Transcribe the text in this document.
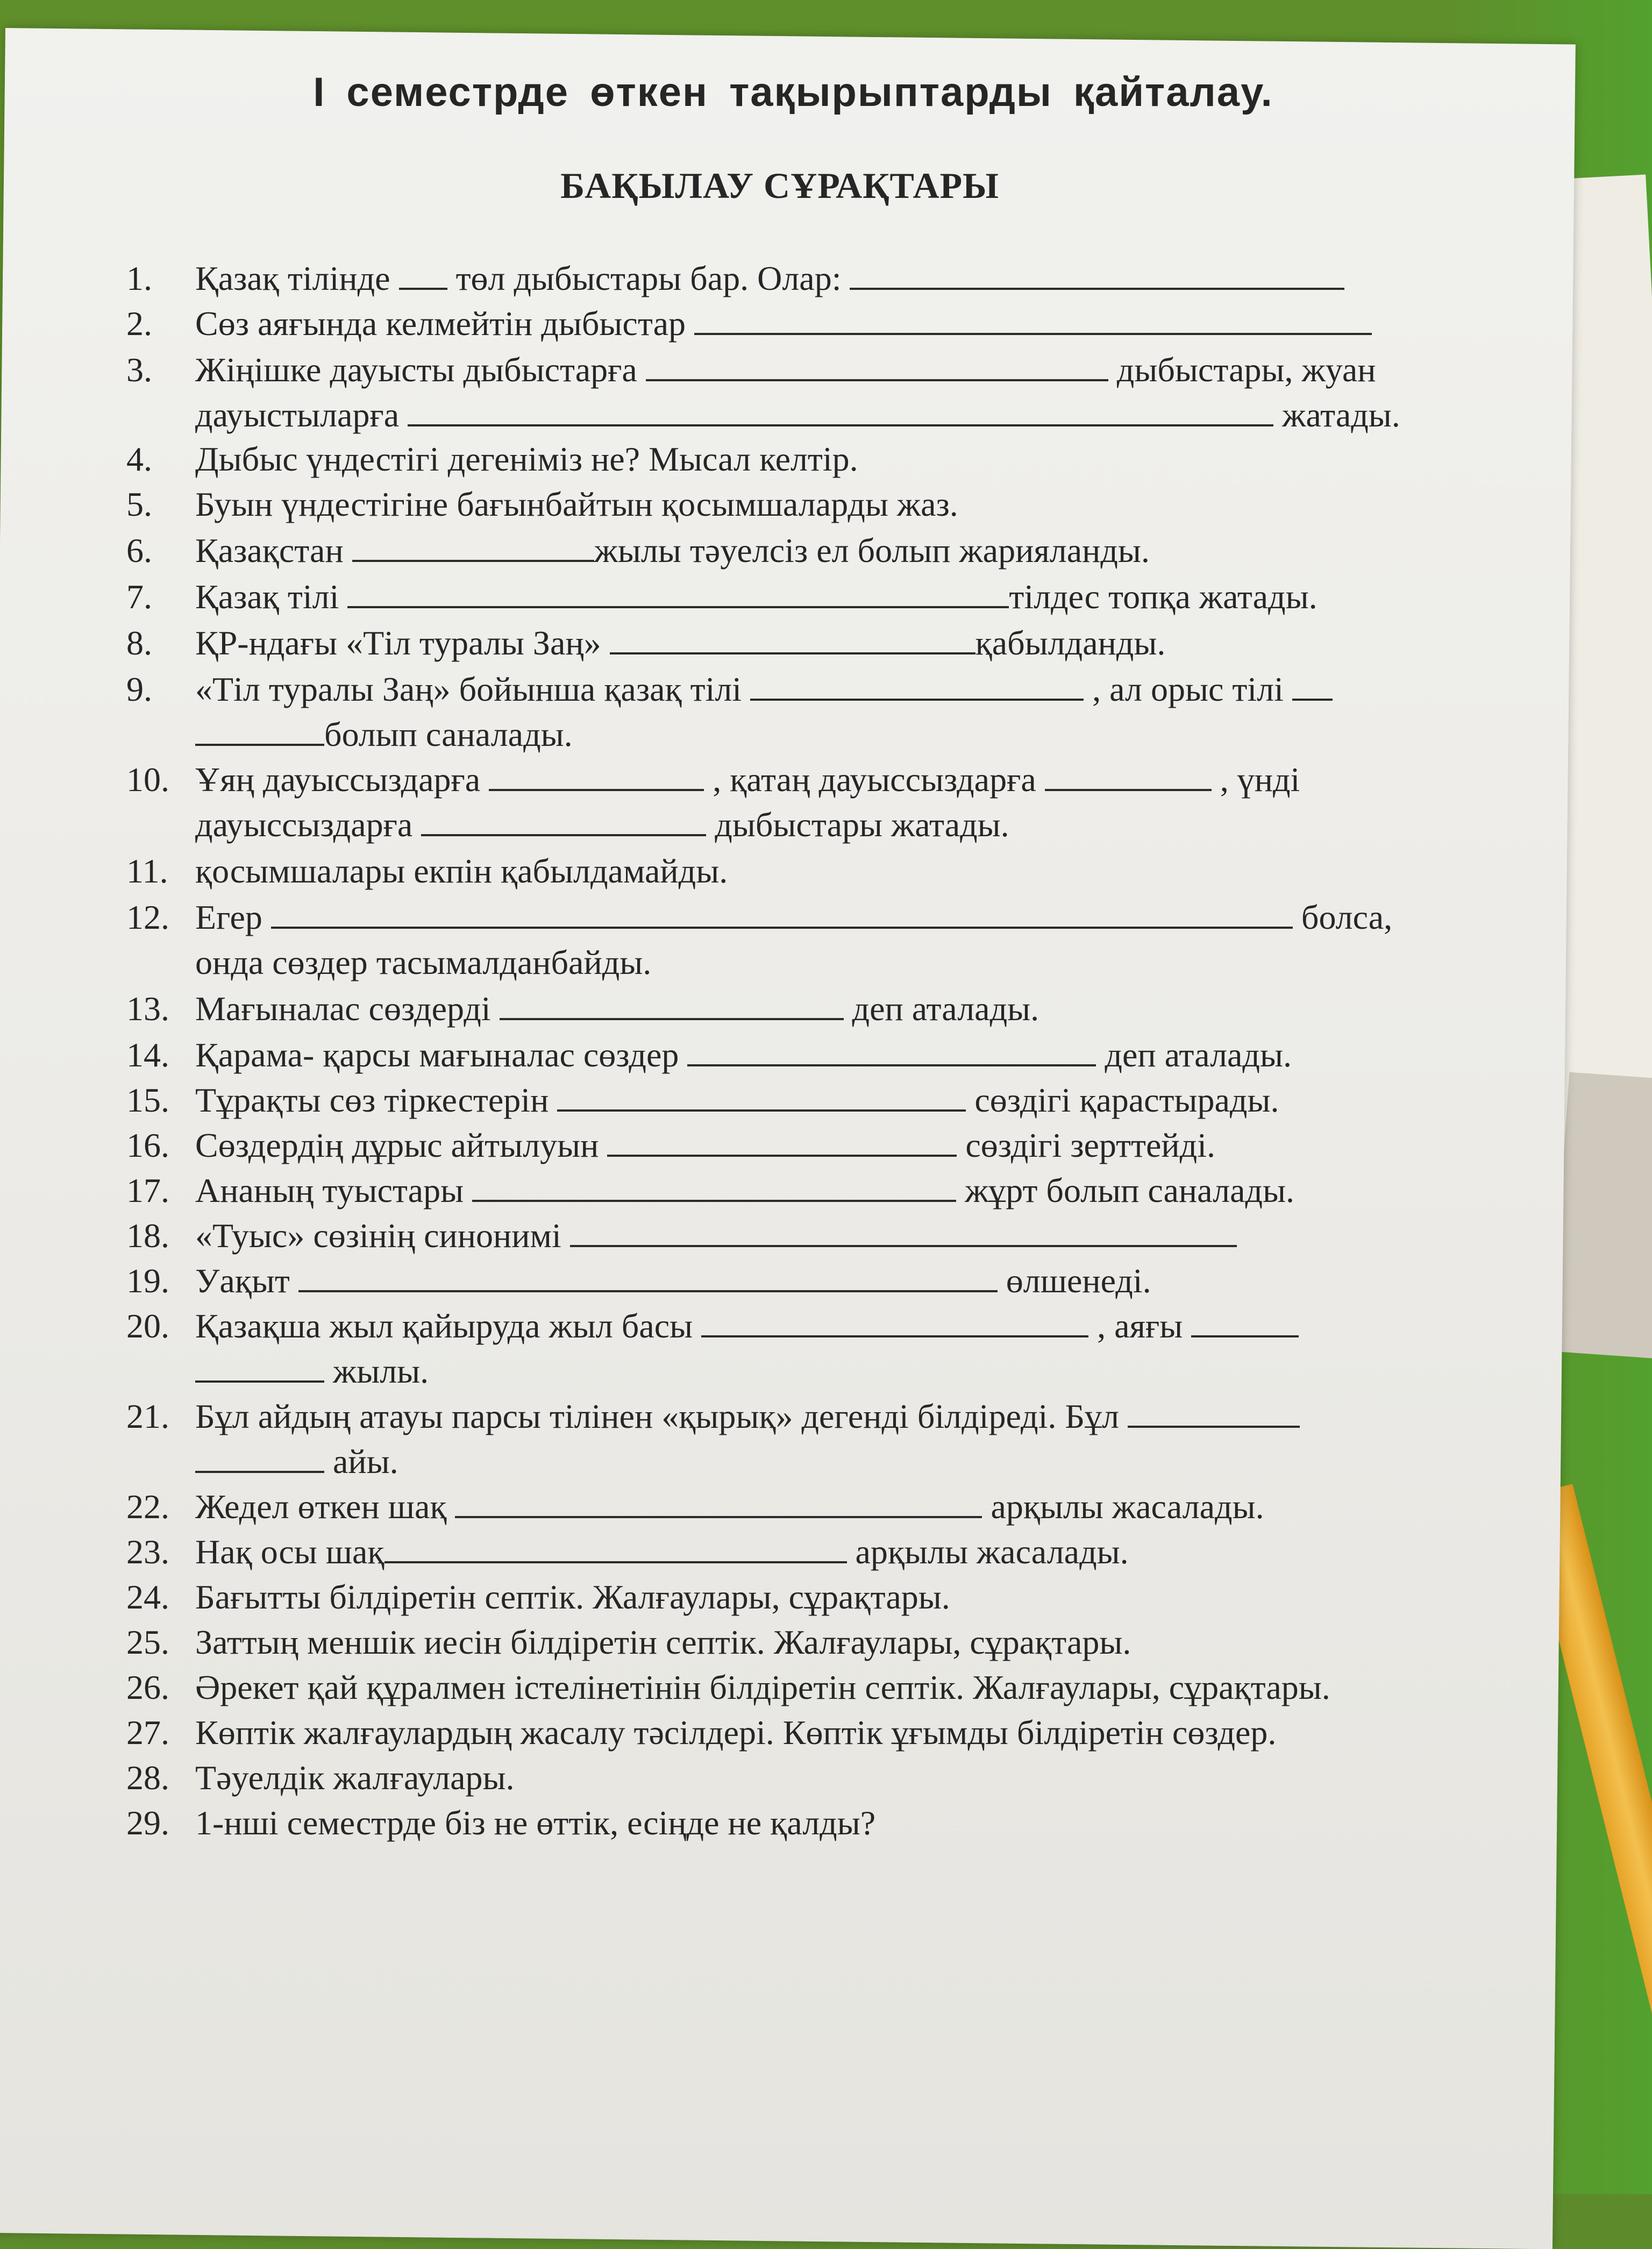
I семестрде өткен тақырыптарды қайталау.
БАҚЫЛАУ СҰРАҚТАРЫ
1. Қазақ тілінде төл дыбыстары бар. Олар:
2. Сөз аяғында келмейтін дыбыстар
3. Жіңішке дауысты дыбыстарға	дыбыстары, жуан
дауыстыларға	жатады.
4. Дыбыс үндестігі дегеніміз не? Мысал келтір.
5. Буын үндестігіне бағынбайтын қосымшаларды жаз.
6. Қазақстан	жылы тәуелсіз ел болып жарияланды.
7. Қазақ тілі	тілдес топқа жатады.
8. ҚР-ндағы «Тіл туралы Заң»	қабылданды.
9. «Тіл туралы Заң» бойынша қазақ тілі	, ал орыс тілі
болып саналады.
10. Ұяң дауыссыздарға	, қатаң дауыссыздарға	, үнді
дауыссыздарға	дыбыстары жатады.
11. қосымшалары екпін қабылдамайды.
12. Егер	болса,
онда сөздер тасымалданбайды.
13. Мағыналас сөздерді	деп аталады.
14. Қарама- қарсы мағыналас сөздер	деп аталады.
15. Тұрақты сөз тіркестерін	сөздігі қарастырады.
16. Сөздердің дұрыс айтылуын	сөздігі зерттейді.
17. Ананың туыстары	жұрт болып саналады.
18. «Туыс» сөзінің синонимі
19. Уақыт	өлшенеді.
20. Қазақша жыл қайыруда жыл басы	, аяғы
жылы.
21. Бұл айдың атауы парсы тілінен «қырық» дегенді білдіреді. Бұл
айы.
22. Жедел өткен шақ	арқылы жасалады.
23. Нақ осы шақ	арқылы жасалады.
24. Бағытты білдіретін септік. Жалғаулары, сұрақтары.
25. Заттың меншік иесін білдіретін септік. Жалғаулары, сұрақтары.
26. Әрекет қай құралмен істелінетінін білдіретін септік. Жалғаулары, сұрақтары.
27. Көптік жалғаулардың жасалу тәсілдері. Көптік ұғымды білдіретін сөздер.
28. Тәуелдік жалғаулары.
29. 1-нші семестрде біз не өттік, есіңде не қалды?
